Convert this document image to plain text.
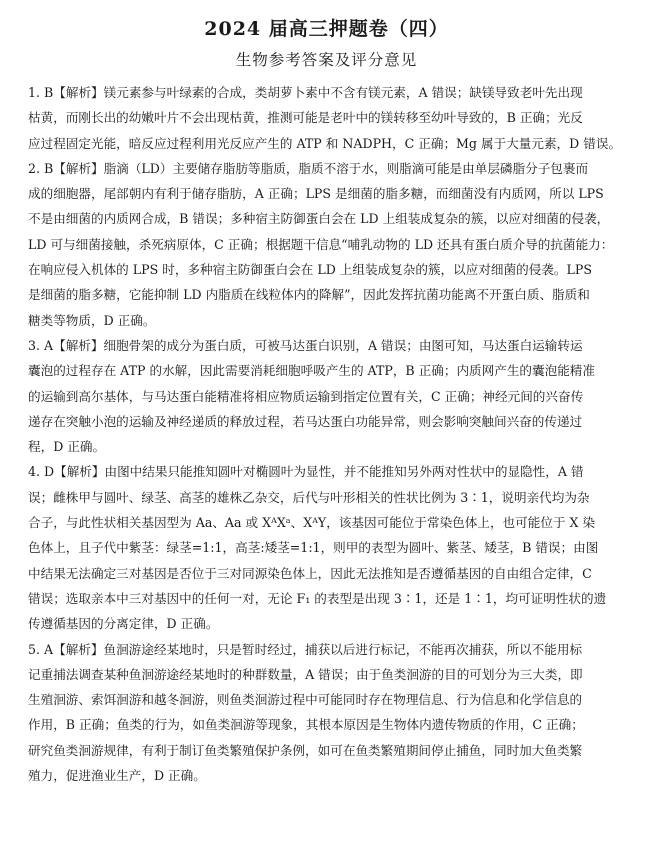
2024 届高三押题卷（四）
生物参考答案及评分意见
1. B【解析】镁元素参与叶绿素的合成，类胡萝卜素中不含有镁元素，A 错误；缺镁导致老叶先出现
枯黄，而刚长出的幼嫩叶片不会出现枯黄，推测可能是老叶中的镁转移至幼叶导致的，B 正确；光反
应过程固定光能，暗反应过程利用光反应产生的 ATP 和 NADPH，C 正确；Mg 属于大量元素，D 错误。
2. B【解析】脂滴（LD）主要储存脂肪等脂质，脂质不溶于水，则脂滴可能是由单层磷脂分子包裹而
成的细胞器，尾部朝内有利于储存脂肪，A 正确；LPS 是细菌的脂多糖，而细菌没有内质网，所以 LPS
不是由细菌的内质网合成，B 错误；多种宿主防御蛋白会在 LD 上组装成复杂的簇，以应对细菌的侵袭，
LD 可与细菌接触，杀死病原体，C 正确；根据题干信息“哺乳动物的 LD 还具有蛋白质介导的抗菌能力：
在响应侵入机体的 LPS 时，多种宿主防御蛋白会在 LD 上组装成复杂的簇，以应对细菌的侵袭。LPS
是细菌的脂多糖，它能抑制 LD 内脂质在线粒体内的降解”，因此发挥抗菌功能离不开蛋白质、脂质和
糖类等物质，D 正确。
3. A【解析】细胞骨架的成分为蛋白质，可被马达蛋白识别，A 错误；由图可知，马达蛋白运输转运
囊泡的过程存在 ATP 的水解，因此需要消耗细胞呼吸产生的 ATP，B 正确；内质网产生的囊泡能精准
的运输到高尔基体，与马达蛋白能精准将相应物质运输到指定位置有关，C 正确；神经元间的兴奋传
递存在突触小泡的运输及神经递质的释放过程，若马达蛋白功能异常，则会影响突触间兴奋的传递过
程，D 正确。
4. D【解析】由图中结果只能推知圆叶对椭圆叶为显性，并不能推知另外两对性状中的显隐性，A 错
误；雌株甲与圆叶、绿茎、高茎的雄株乙杂交，后代与叶形相关的性状比例为 3∶1，说明亲代均为杂
合子，与此性状相关基因型为 Aa、Aa 或 XᴬXᵃ、XᴬY，该基因可能位于常染色体上，也可能位于 X 染
色体上，且子代中紫茎：绿茎=1:1，高茎:矮茎=1:1，则甲的表型为圆叶、紫茎、矮茎，B 错误；由图
中结果无法确定三对基因是否位于三对同源染色体上，因此无法推知是否遵循基因的自由组合定律，C
错误；选取亲本中三对基因中的任何一对，无论 F₁ 的表型是出现 3∶1，还是 1∶1，均可证明性状的遗
传遵循基因的分离定律，D 正确。
5. A【解析】鱼洄游途经某地时，只是暂时经过，捕获以后进行标记，不能再次捕获，所以不能用标
记重捕法调查某种鱼洄游途经某地时的种群数量，A 错误；由于鱼类洄游的目的可划分为三大类，即
生殖洄游、索饵洄游和越冬洄游，则鱼类洄游过程中可能同时存在物理信息、行为信息和化学信息的
作用，B 正确；鱼类的行为，如鱼类洄游等现象，其根本原因是生物体内遗传物质的作用，C 正确；
研究鱼类洄游规律，有利于制订鱼类繁殖保护条例，如可在鱼类繁殖期间停止捕鱼，同时加大鱼类繁
殖力，促进渔业生产，D 正确。
